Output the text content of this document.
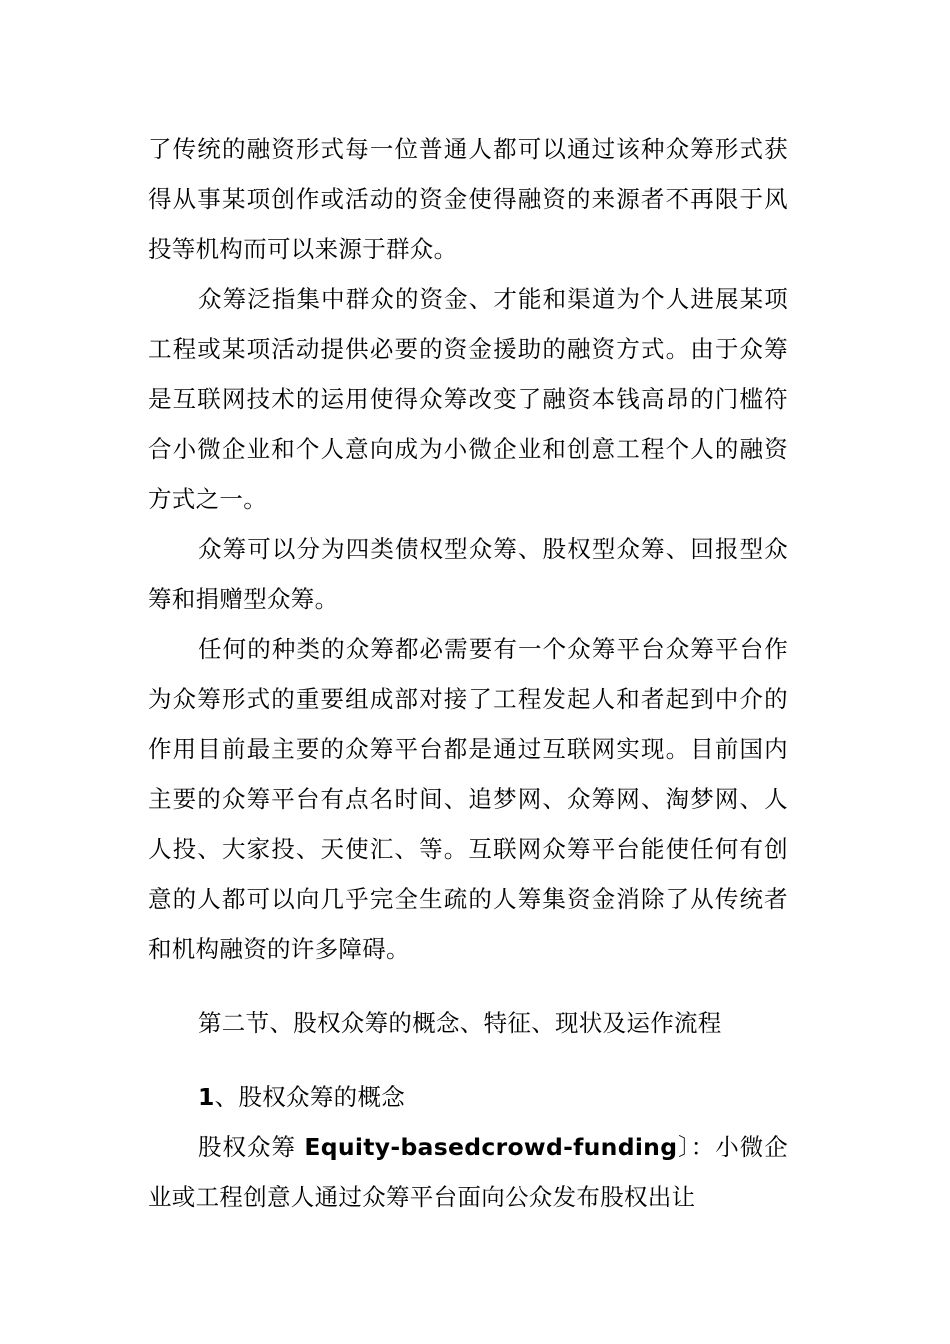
了传统的融资形式每一位普通人都可以通过该种众筹形式获得从事某项创作或活动的资金使得融资的来源者不再限于风投等机构而可以来源于群众。

众筹泛指集中群众的资金、才能和渠道为个人进展某项工程或某项活动提供必要的资金援助的融资方式。由于众筹是互联网技术的运用使得众筹改变了融资本钱高昂的门槛符合小微企业和个人意向成为小微企业和创意工程个人的融资方式之一。

众筹可以分为四类债权型众筹、股权型众筹、回报型众筹和捐赠型众筹。

任何的种类的众筹都必需要有一个众筹平台众筹平台作为众筹形式的重要组成部对接了工程发起人和者起到中介的作用目前最主要的众筹平台都是通过互联网实现。目前国内主要的众筹平台有点名时间、追梦网、众筹网、淘梦网、人人投、大家投、天使汇、等。互联网众筹平台能使任何有创意的人都可以向几乎完全生疏的人筹集资金消除了从传统者和机构融资的许多障碍。

第二节、股权众筹的概念、特征、现状及运作流程
1、股权众筹的概念

股权众筹 Equity-basedcrowd-funding〕：小微企业或工程创意人通过众筹平台面向公众发布股权出让
